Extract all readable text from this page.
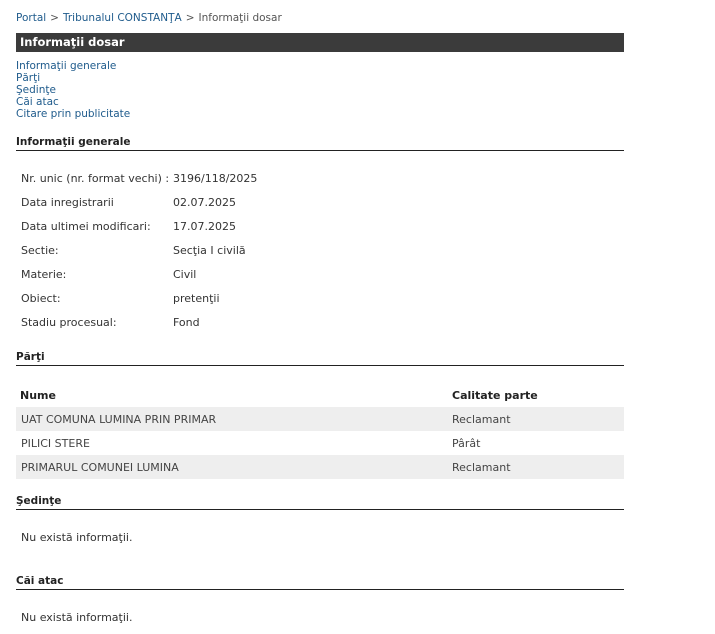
Portal > Tribunalul CONSTANŢA > Informaţii dosar
Informaţii dosar
Informaţii generale
Părţi
Şedinţe
Căi atac
Citare prin publicitate
Informaţii generale
Nr. unic (nr. format vechi) : 3196/118/2025
Data inregistrarii	02.07.2025
Data ultimei modificari: 17.07.2025
Sectie:	Secţia I civilă
Materie:	Civil
Obiect:	pretenţii
Stadiu procesual:	Fond
Părţi
Nume	Calitate parte
UAT COMUNA LUMINA PRIN PRIMAR	Reclamant
PILICI STERE	Pârât
PRIMARUL COMUNEI LUMINA	Reclamant
Şedinţe
Nu există informaţii.
Căi atac
Nu există informaţii.
